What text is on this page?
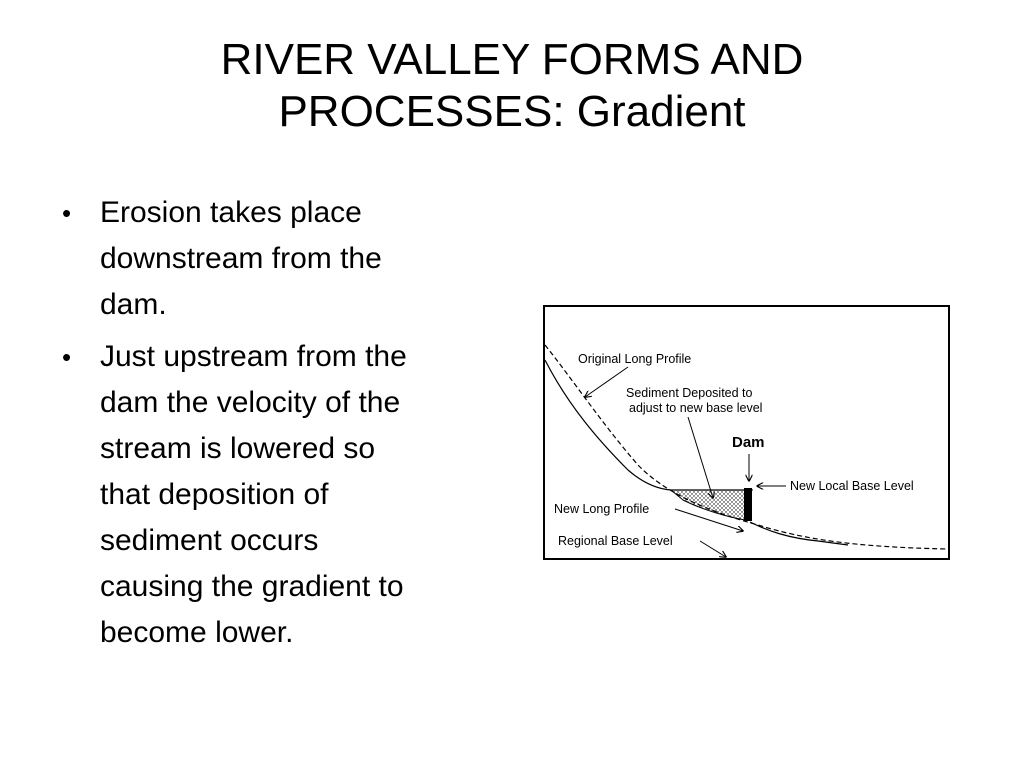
RIVER VALLEY FORMS AND
PROCESSES: Gradient
• Erosion takes place
downstream from the
dam.
• Just upstream from the
dam the velocity of the
stream is lowered so
that deposition of
sediment occurs
causing the gradient to
become lower.
Original Long Profile
Sediment Deposited to
adjust to new base level
Dam
New Local Base Level
New Long Profile
Regional Base Level
